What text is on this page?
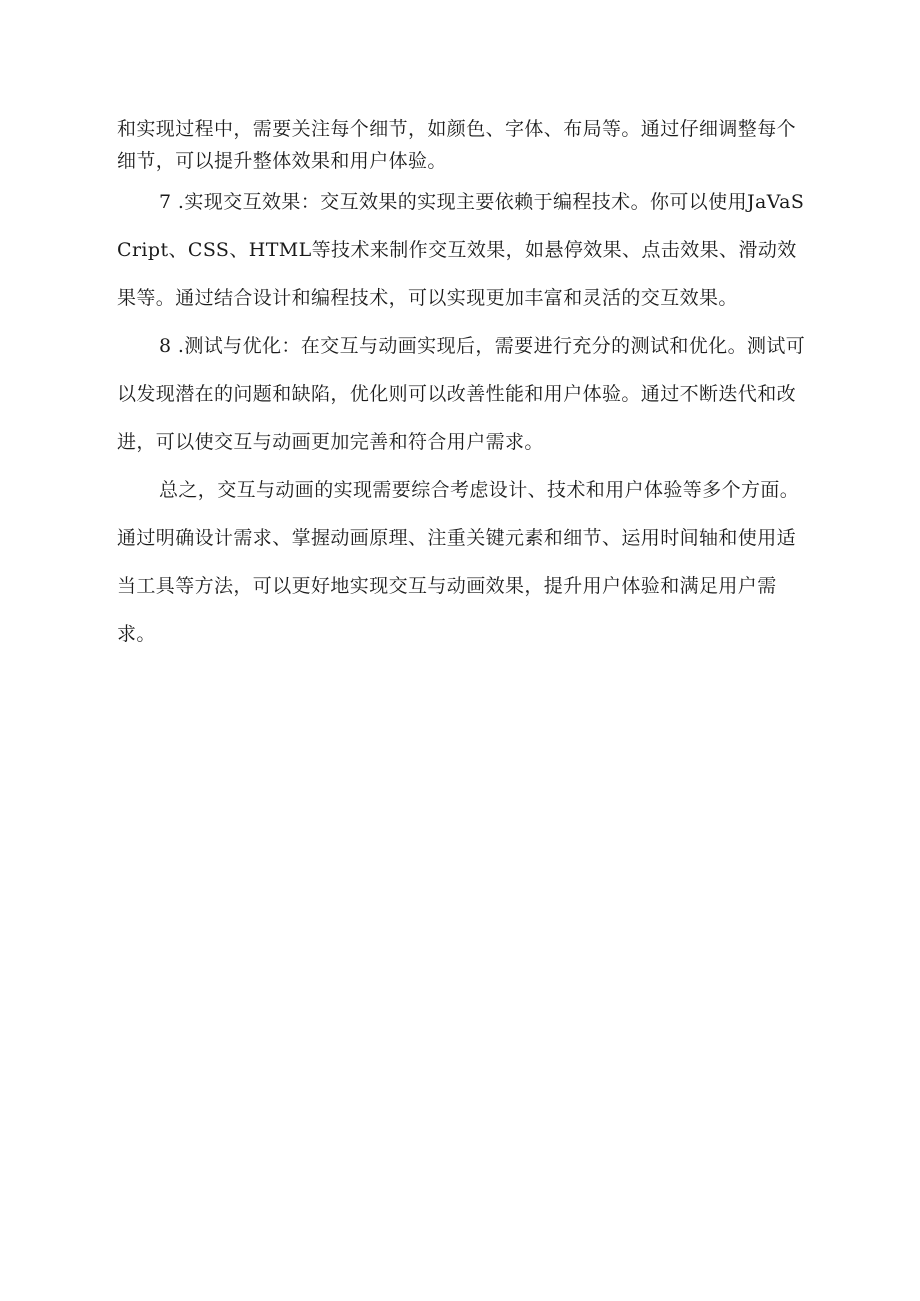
和实现过程中，需要关注每个细节，如颜色、字体、布局等。通过仔细调整每个细节，可以提升整体效果和用户体验。

7 .实现交互效果：交互效果的实现主要依赖于编程技术。你可以使用JaVaSCript、CSS、HTML等技术来制作交互效果，如悬停效果、点击效果、滑动效果等。通过结合设计和编程技术，可以实现更加丰富和灵活的交互效果。

8 .测试与优化：在交互与动画实现后，需要进行充分的测试和优化。测试可以发现潜在的问题和缺陷，优化则可以改善性能和用户体验。通过不断迭代和改进，可以使交互与动画更加完善和符合用户需求。

总之，交互与动画的实现需要综合考虑设计、技术和用户体验等多个方面。通过明确设计需求、掌握动画原理、注重关键元素和细节、运用时间轴和使用适当工具等方法，可以更好地实现交互与动画效果，提升用户体验和满足用户需求。
